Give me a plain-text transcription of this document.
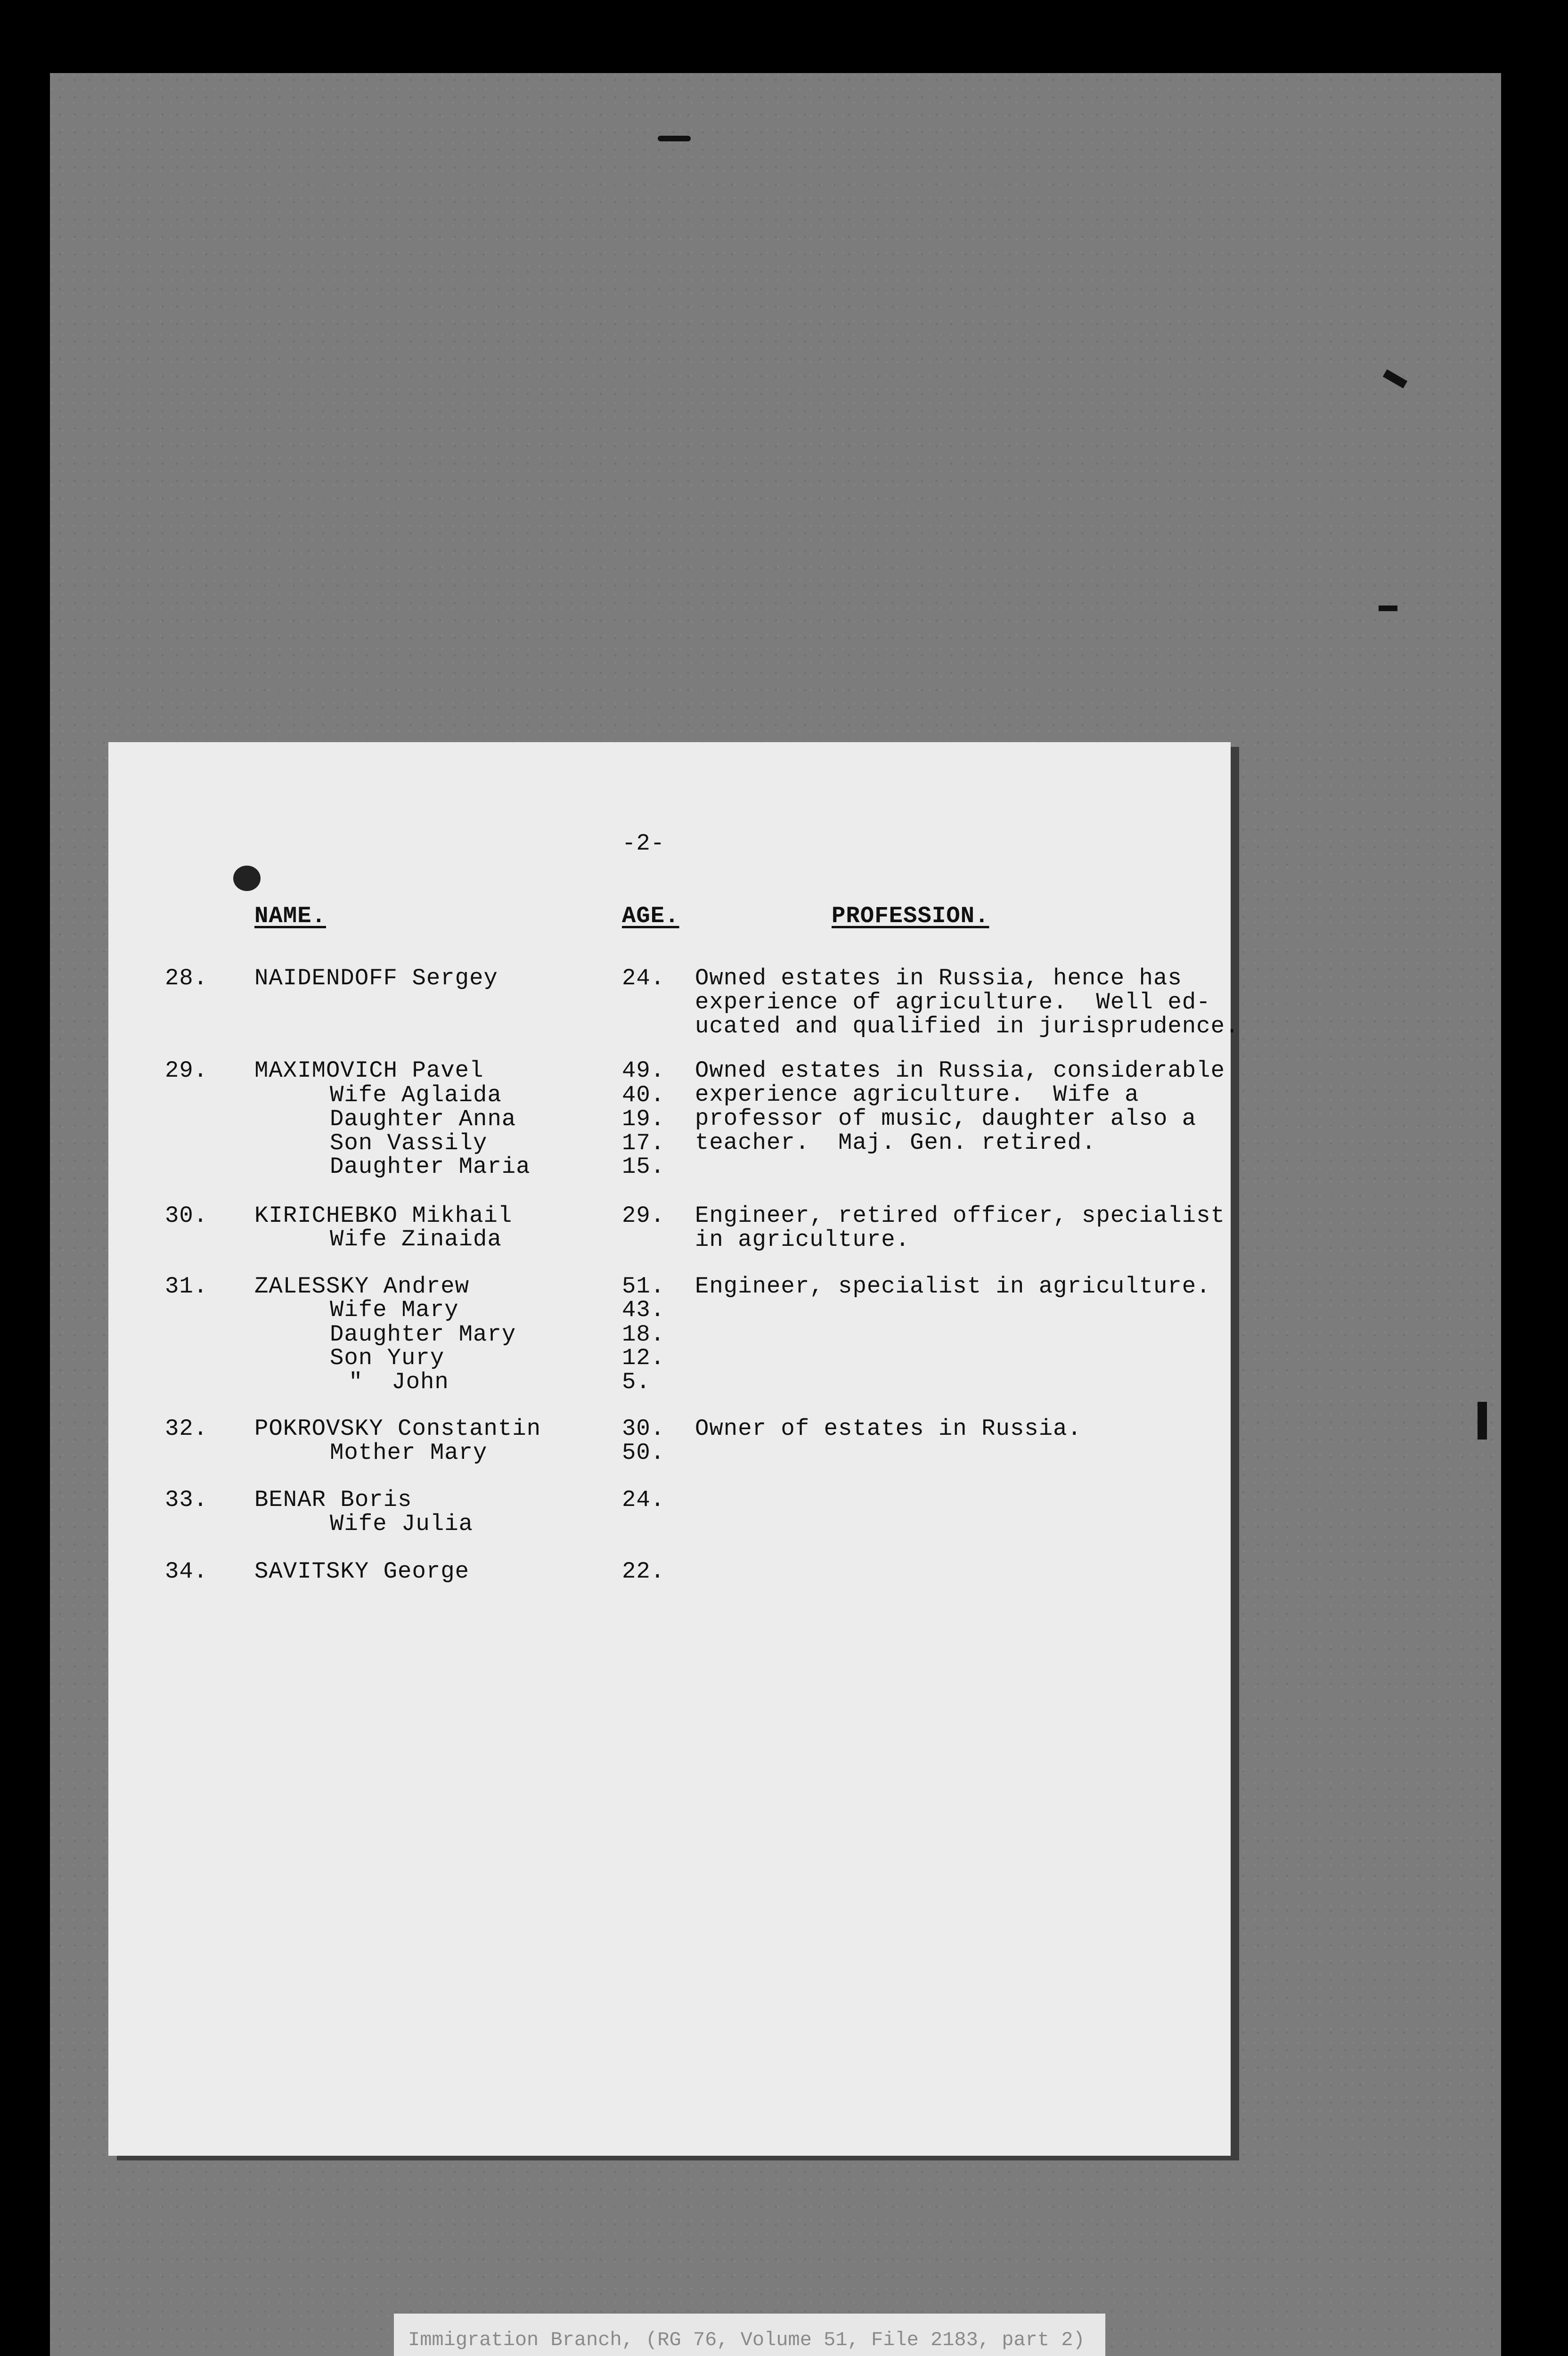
-2-
NAME.	AGE.	PROFESSION.
28. NAIDENDOFF Sergey	24. Owned estates in Russia, hence has
experience of agriculture.  Well ed-
ucated and qualified in jurisprudence.
29. MAXIMOVICH Pavel	49. Owned estates in Russia, considerable
experience agriculture.  Wife a
professor of music, daughter also a
teacher.  Maj. Gen. retired.
Wife Aglaida	40.
Daughter Anna	19.
Son Vassily	17.
Daughter Maria	15.
30. KIRICHEBKO Mikhail	29. Engineer, retired officer, specialist
in agriculture.
Wife Zinaida
31. ZALESSKY Andrew	51. Engineer, specialist in agriculture.
Wife Mary	43.
Daughter Mary	18.
Son Yury	12.
"  John	5.
32. POKROVSKY Constantin	30. Owner of estates in Russia.
Mother Mary	50.
33. BENAR Boris	24.
Wife Julia
34. SAVITSKY George	22.
Immigration Branch, (RG 76, Volume 51, File 2183, part 2)
